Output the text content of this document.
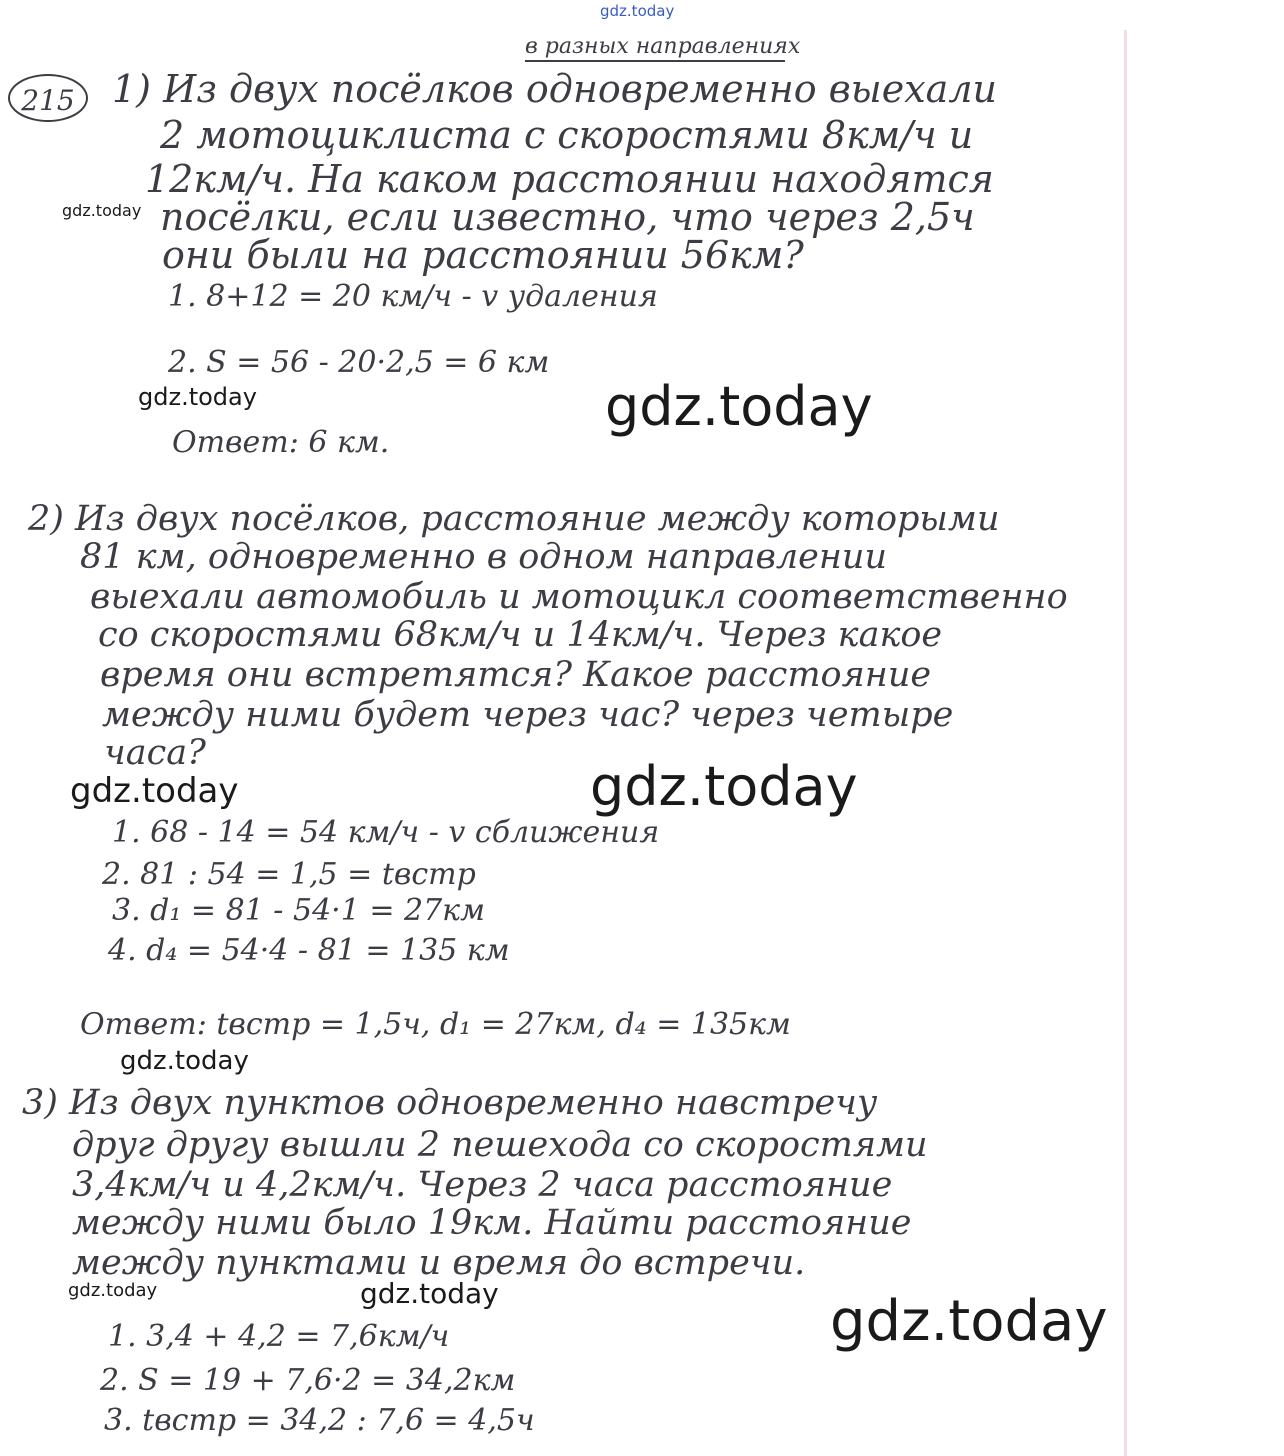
gdz.today

gdz.today

gdz.today	gdz.today

gdz.today	gdz.today

gdz.today

gdz.today	gdz.today	gdz.today

215

в разных направлениях

1) Из двух посёлков одновременно выехали

2 мотоциклиста с скоростями 8км/ч и

12км/ч. На каком расстоянии находятся

посёлки, если известно, что через 2,5ч

они были на расстоянии 56км?

1. 8+12 = 20 км/ч - v удаления

2. S = 56 - 20·2,5 = 6 км

Ответ: 6 км.

2) Из двух посёлков, расстояние между которыми

81 км, одновременно в одном направлении

выехали автомобиль и мотоцикл соответственно

со скоростями 68км/ч и 14км/ч. Через какое

время они встретятся? Какое расстояние

между ними будет через час? через четыре

часа?

1. 68 - 14 = 54 км/ч - v сближения

2. 81 : 54 = 1,5 = tвстр

3. d₁ = 81 - 54·1 = 27км

4. d₄ = 54·4 - 81 = 135 км

Ответ: tвстр = 1,5ч, d₁ = 27км, d₄ = 135км

3) Из двух пунктов одновременно навстречу

друг другу вышли 2 пешехода со скоростями

3,4км/ч и 4,2км/ч. Через 2 часа расстояние

между ними было 19км. Найти расстояние

между пунктами и время до встречи.

1. 3,4 + 4,2 = 7,6км/ч

2. S = 19 + 7,6·2 = 34,2км

3. tвстр = 34,2 : 7,6 = 4,5ч
